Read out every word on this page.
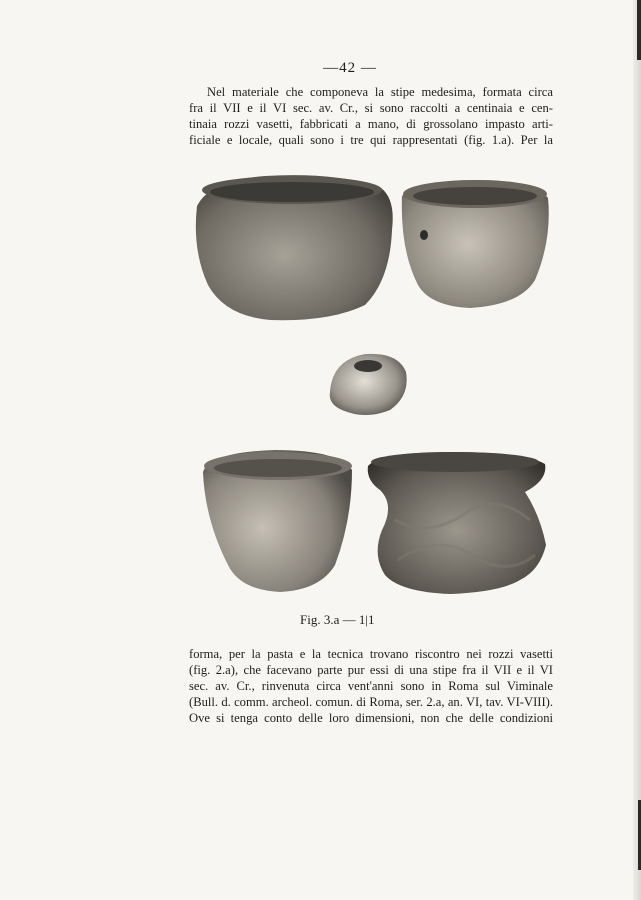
—42 —
Nel materiale che componeva la stipe medesima, formata circa
fra il VII e il VI sec. av. Cr., si sono raccolti a centinaia e cen-
tinaia rozzi vasetti, fabbricati a mano, di grossolano impasto arti-
ficiale e locale, quali sono i tre qui rappresentati (fig. 1.a). Per la
Fig. 3.a — 1|1
forma, per la pasta e la tecnica trovano riscontro nei rozzi vasetti
(fig. 2.a), che facevano parte pur essi di una stipe fra il VII e il VI
sec. av. Cr., rinvenuta circa vent'anni sono in Roma sul Viminale
(Bull. d. comm. archeol. comun. di Roma, ser. 2.a, an. VI, tav. VI-VIII).
Ove si tenga conto delle loro dimensioni, non che delle condizioni
